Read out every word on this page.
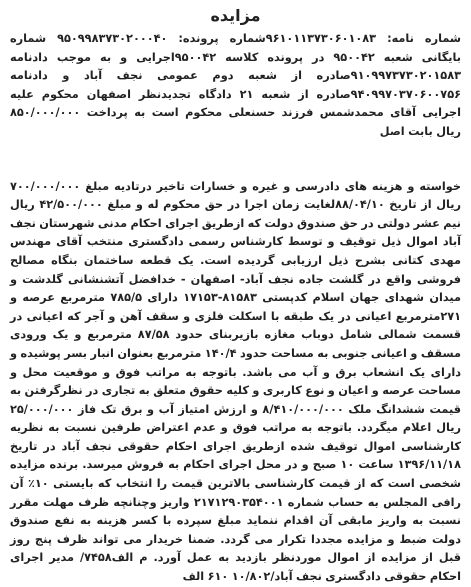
مزایده

شماره نامه: ۹۶۱۰۱۱۳۷۳۰۶۰۱۰۸۳شماره پرونده: ۹۵۰۹۹۸۳۷۳۰۲۰۰۰۴۰ شماره بایگانی شعبه ۹۵۰۰۴۲ در پرونده کلاسه ۹۵۰۰۴۲اجرایی و به موجب دادنامه ۹۱۰۹۹۷۳۷۳۰۲۰۱۵۸۳صادره از شعبه دوم عمومی نجف آباد و دادنامه ۹۴۰۹۹۷۰۳۷۰۶۰۰۷۵۶صادره از شعبه ۲۱ دادگاه تجدیدنظر اصفهان محکوم علیه اجرایی آقای محمدشمس فرزند حسنعلی محکوم است به پرداخت ۸۵۰/۰۰۰/۰۰۰ ریال بابت اصل

خواسته و هزینه های دادرسی و غیره و خسارات تاخیر درتادیه مبلغ ۷۰۰/۰۰۰/۰۰۰ ریال از تاریخ ۸۸/۰۴/۱۰لغایت زمان اجرا در حق محکوم له و مبلغ ۴۲/۵۰۰/۰۰۰ ریال نیم عشر دولتی در حق صندوق دولت که ازطریق اجرای احکام مدنی شهرستان نجف آباد اموال ذیل توقیف و توسط کارشناس رسمی دادگستری منتخب آقای مهندس مهدی کتانی بشرح ذیل ارزیابی گردیده است. یک قطعه ساختمان بنگاه مصالح فروشی واقع در گلشت جاده نجف آباد- اصفهان - خدافضل آتشنشانی گلدشت و میدان شهدای جهان اسلام کدپستی ۸۱۵۸۳-۱۷۱۵۳ دارای ۷۸۵/۵ مترمربع عرصه و ۲۷۱مترمربع اعیانی در یک طبقه با اسکلت فلزی و سقف آهن و آجر که اعیانی در قسمت شمالی شامل دوباب مغازه بازیربنای حدود ۸۷/۵۸ مترمربع و یک ورودی مسقف و اعیانی جنوبی به مساحت حدود ۱۴۰/۴ مترمربع بعنوان انبار بسر پوشیده و دارای یک انشعاب برق و آب می باشد. باتوجه به مراتب فوق و موقعیت محل و مساحت عرصه و اعیان و نوع کاربری و کلیه حقوق متعلق به تجاری در نظرگرفتن به قیمت ششدانگ ملک ۸/۴۱۰/۰۰۰/۰۰۰ و ارزش امتیاز آب و برق تک فاز ۲۵/۰۰۰/۰۰۰ ریال اعلام میگردد. باتوجه به مراتب فوق و عدم اعتراض طرفین نسبت به نظریه کارشناسی اموال توقیف شده ازطریق اجرای احکام حقوقی نجف آباد در تاریخ ۱۳۹۶/۱۱/۱۸ ساعت ۱۰ صبح و در محل اجرای احکام به فروش میرسد. برنده مزایده شخصی است که از قیمت کارشناسی بالاترین قیمت را انتخاب که بایستی ۱۰٪ آن رافی المجلس به حساب شماره ۲۱۷۱۲۹۰۳۵۴۰۰۱ واریز وچنانچه ظرف مهلت مقرر نسبت به واریز مابقی آن اقدام ننماید مبلغ سپرده با کسر هزینه به نفع صندوق دولت ضبط و مزایده مجددا تکرار می گردد. ضمنا خریدار می تواند ظرف پنج روز قبل از مزایده از اموال موردنظر بازدید به عمل آورد. م الف۷۴۵۸/ مدیر اجرای احکام حقوقی دادگستری نجف آباد/۱۰/۸۰۲ ۶۱۰ الف
